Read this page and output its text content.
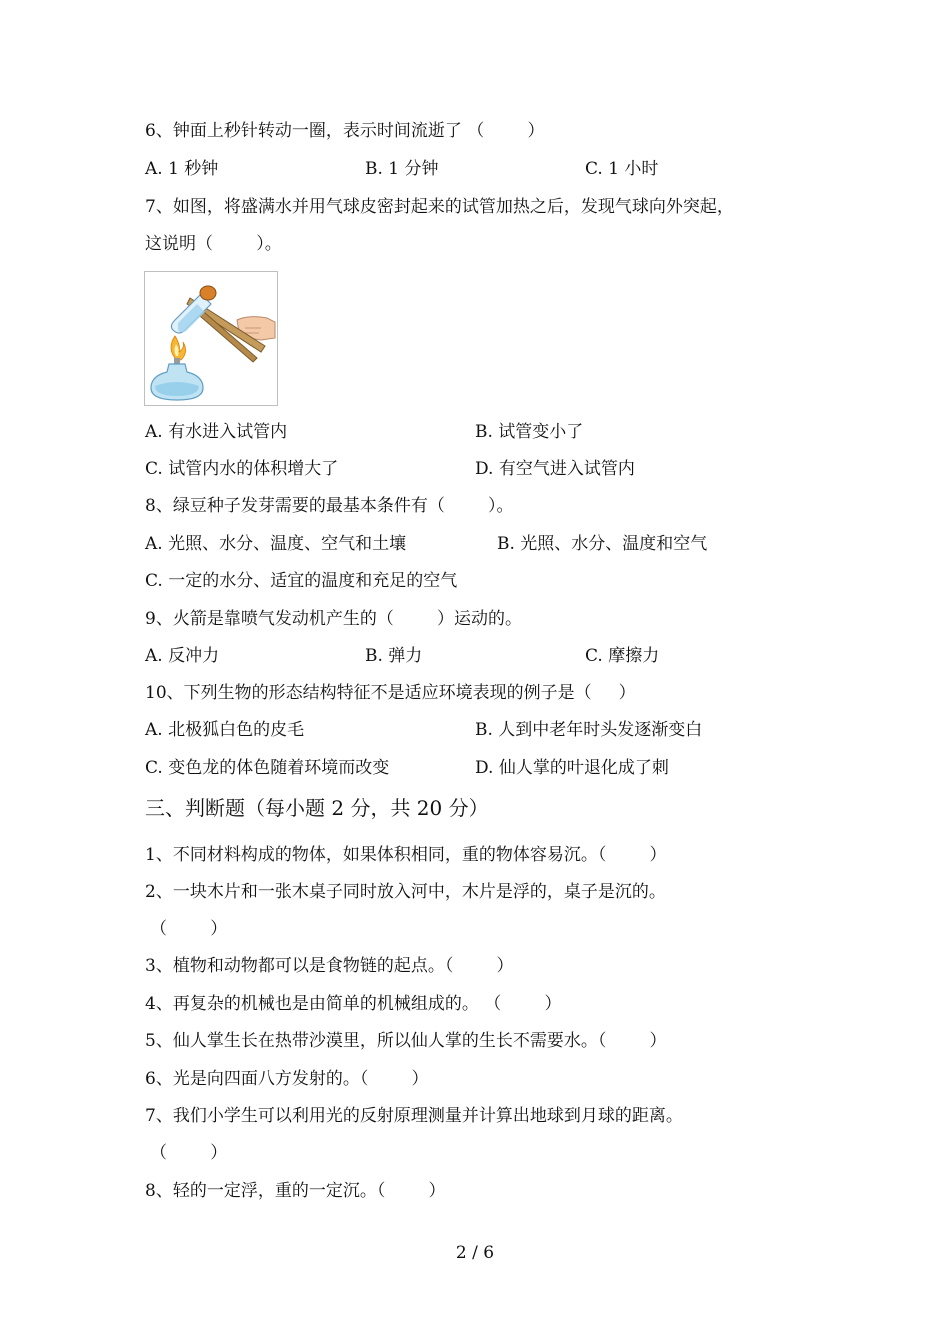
6、钟面上秒针转动一圈，表示时间流逝了 （        ）
A. 1 秒钟	B. 1 分钟	C. 1 小时
7、如图，将盛满水并用气球皮密封起来的试管加热之后，发现气球向外突起，
这说明（        ）。
A. 有水进入试管内	B. 试管变小了
C. 试管内水的体积增大了	D. 有空气进入试管内
8、绿豆种子发芽需要的最基本条件有（        ）。
A. 光照、水分、温度、空气和土壤	B. 光照、水分、温度和空气
C. 一定的水分、适宜的温度和充足的空气
9、火箭是靠喷气发动机产生的（        ）运动的。
A. 反冲力	B. 弹力	C. 摩擦力
10、下列生物的形态结构特征不是适应环境表现的例子是（     ）
A. 北极狐白色的皮毛	B. 人到中老年时头发逐渐变白
C. 变色龙的体色随着环境而改变	D. 仙人掌的叶退化成了刺
三、判断题（每小题 2 分，共 20 分）
1、不同材料构成的物体，如果体积相同，重的物体容易沉。（        ）
2、一块木片和一张木桌子同时放入河中，木片是浮的，桌子是沉的。
（        ）
3、植物和动物都可以是食物链的起点。（        ）
4、再复杂的机械也是由简单的机械组成的。 （        ）
5、仙人掌生长在热带沙漠里，所以仙人掌的生长不需要水。（        ）
6、光是向四面八方发射的。（        ）
7、我们小学生可以利用光的反射原理测量并计算出地球到月球的距离。
（        ）
8、轻的一定浮，重的一定沉。（        ）
2 / 6
